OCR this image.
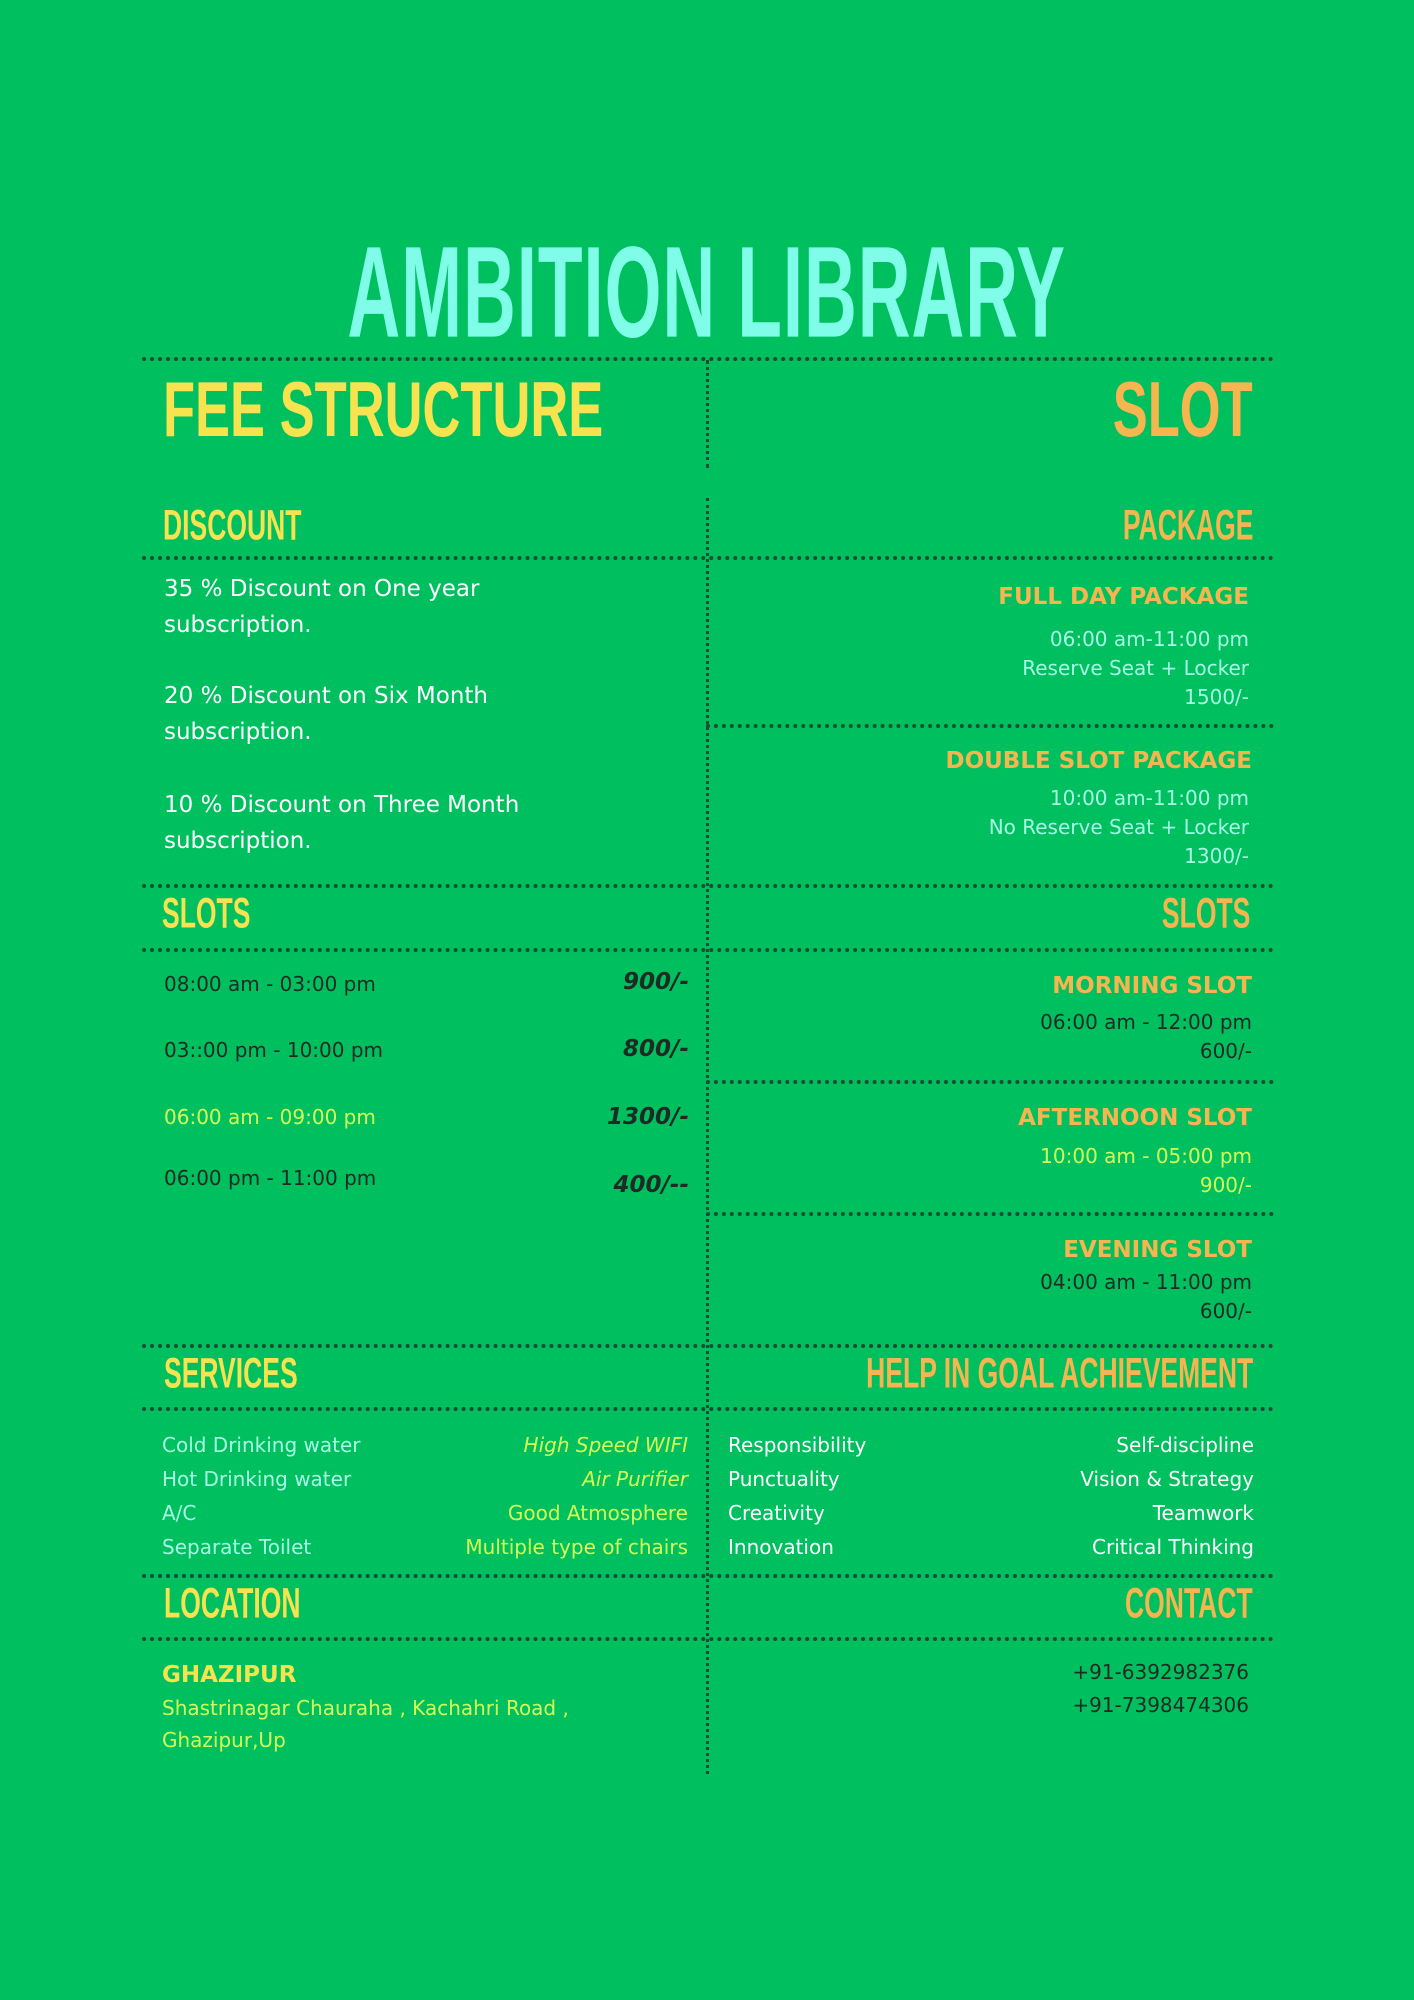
AMBITION LIBRARY
FEE STRUCTURE	SLOT
DISCOUNT	PACKAGE
SLOTS	SLOTS
SERVICES	HELP IN GOAL ACHIEVEMENT
LOCATION	CONTACT
35 % Discount on One year subscription.
20 % Discount on Six Month subscription.
10 % Discount on Three Month subscription.
08:00 am - 03:00 pm	900/-
03::00 pm - 10:00 pm	800/-
06:00 am - 09:00 pm	1300/-
06:00 pm - 11:00 pm	400/--
FULL DAY PACKAGE
06:00 am-11:00 pm
Reserve Seat + Locker
1500/-
DOUBLE SLOT PACKAGE
10:00 am-11:00 pm
No Reserve Seat + Locker
1300/-
MORNING SLOT
06:00 am - 12:00 pm
600/-
AFTERNOON SLOT
10:00 am - 05:00 pm
900/-
EVENING SLOT
04:00 am - 11:00 pm
600/-
Cold Drinking water	High Speed WIFI
Hot Drinking water	Air Purifier
A/C	Good Atmosphere
Separate Toilet	Multiple type of chairs
Responsibility	Self-discipline
Punctuality	Vision & Strategy
Creativity	Teamwork
Innovation	Critical Thinking
GHAZIPUR
Shastrinagar Chauraha , Kachahri Road ,
Ghazipur,Up
+91-6392982376
+91-7398474306
